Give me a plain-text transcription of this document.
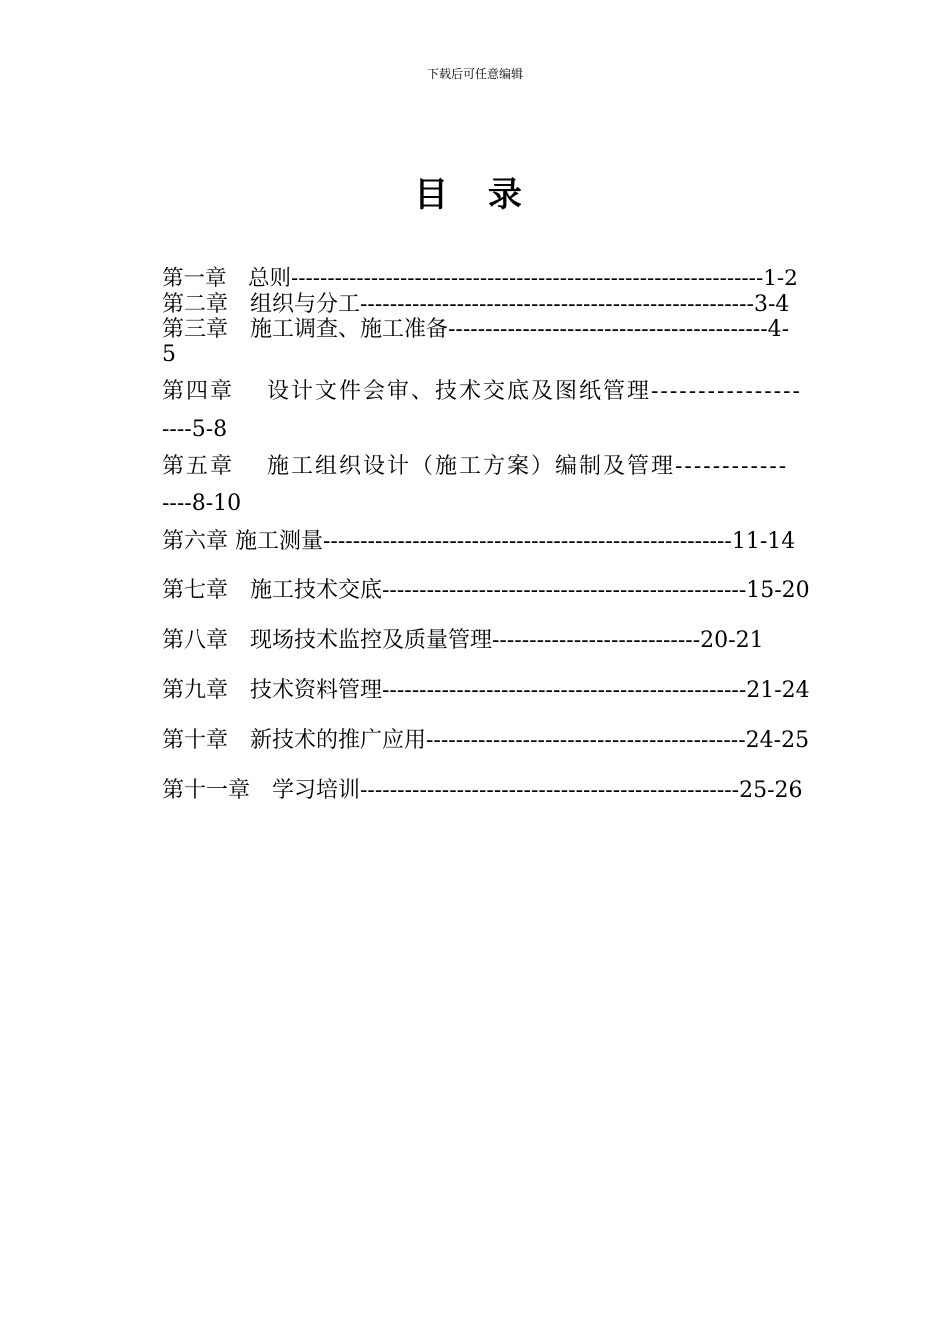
下载后可任意编辑
目 录
第一章　总则-----------------------------------------------------------------1-2
第二章　组织与分工-----------------------------------------------------3-4
第三章　施工调查、施工准备-------------------------------------------4-
5
第四章　 设计文件会审、技术交底及图纸管理----------------
----5-8
第五章　 施工组织设计（施工方案）编制及管理------------
----8-10
第六章 施工测量-------------------------------------------------------11-14
第七章　施工技术交底-------------------------------------------------15-20
第八章　现场技术监控及质量管理----------------------------20-21
第九章　技术资料管理-------------------------------------------------21-24
第十章　新技术的推广应用-------------------------------------------24-25
第十一章　学习培训---------------------------------------------------25-26
